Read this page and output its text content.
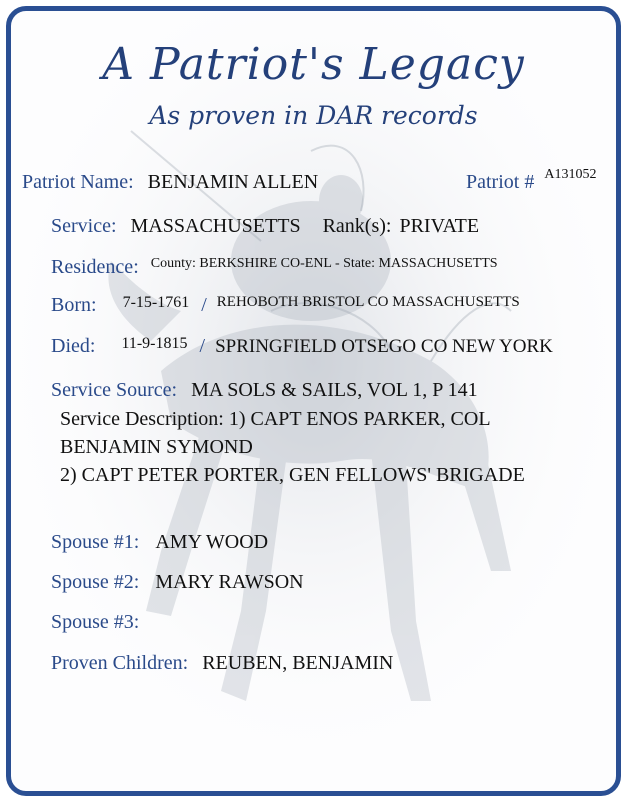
A Patriot's Legacy
As proven in DAR records
Patriot Name: BENJAMIN ALLEN	Patriot # A131052
Service: MASSACHUSETTS Rank(s): PRIVATE
Residence: County: BERKSHIRE CO-ENL - State: MASSACHUSETTS
Born: 7-15-1761 / REHOBOTH BRISTOL CO MASSACHUSETTS
Died: 11-9-1815 / SPRINGFIELD OTSEGO CO NEW YORK
Service Source: MA SOLS & SAILS, VOL 1, P 141
Service Description: 1) CAPT ENOS PARKER, COL
BENJAMIN SYMOND
2) CAPT PETER PORTER, GEN FELLOWS' BRIGADE
Spouse #1: AMY WOOD
Spouse #2: MARY RAWSON
Spouse #3:
Proven Children: REUBEN, BENJAMIN
